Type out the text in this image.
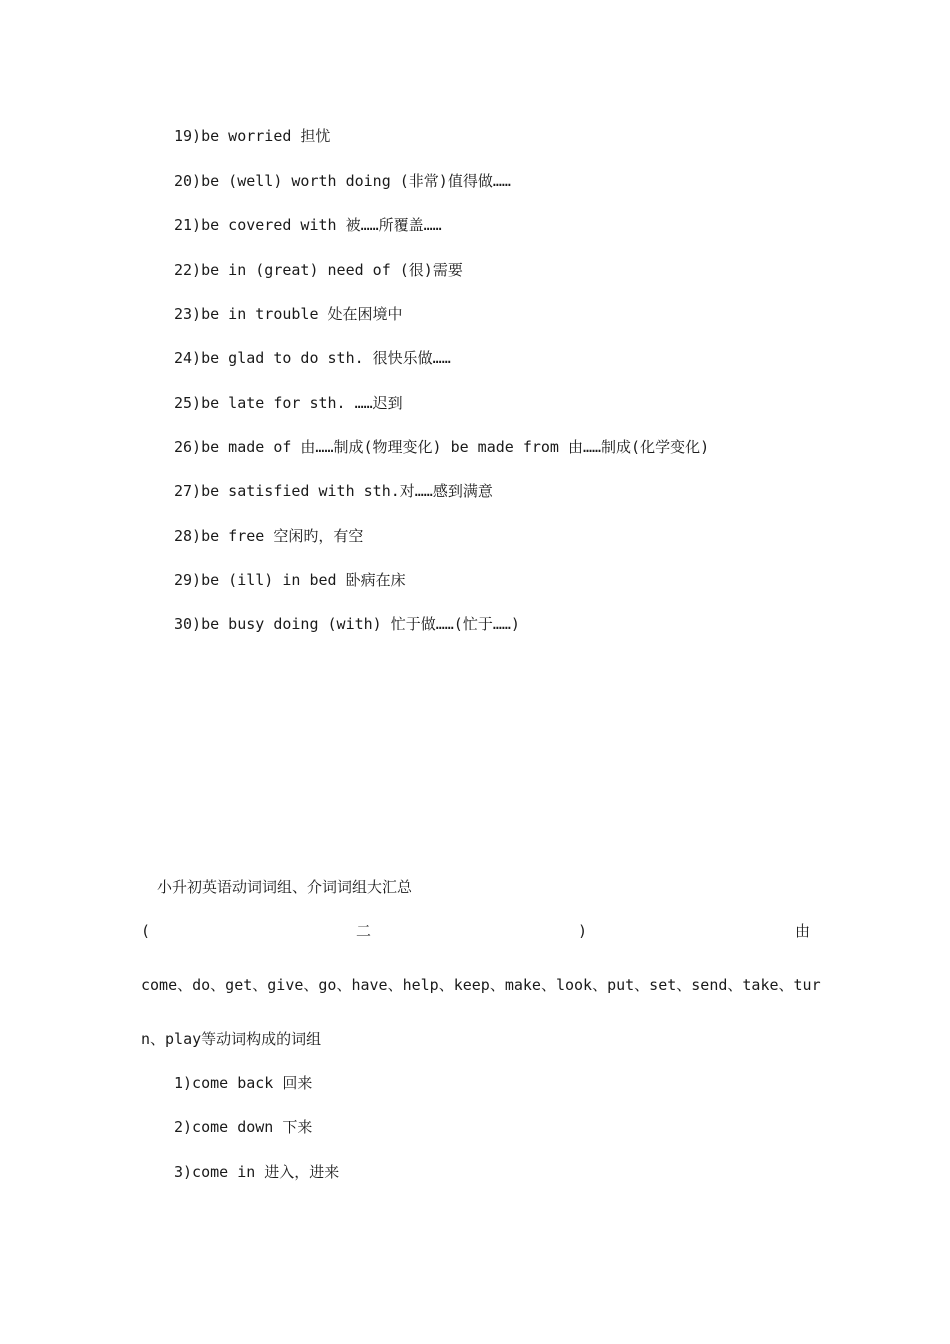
19)be worried 担忧
20)be (well) worth doing (非常)值得做……
21)be covered with 被……所覆盖……
22)be in (great) need of (很)需要
23)be in trouble 处在困境中
24)be glad to do sth. 很快乐做……
25)be late for sth. ……迟到
26)be made of 由……制成(物理变化) be made from 由……制成(化学变化)
27)be satisfied with sth.对……感到满意
28)be free 空闲旳，有空
29)be (ill) in bed 卧病在床
30)be busy doing (with) 忙于做……(忙于……)
小升初英语动词词组、介词词组大汇总
(	二	)	由
come、do、get、give、go、have、help、keep、make、look、put、set、send、take、tur
n、play等动词构成的词组
1)come back 回来
2)come down 下来
3)come in 进入，进来
